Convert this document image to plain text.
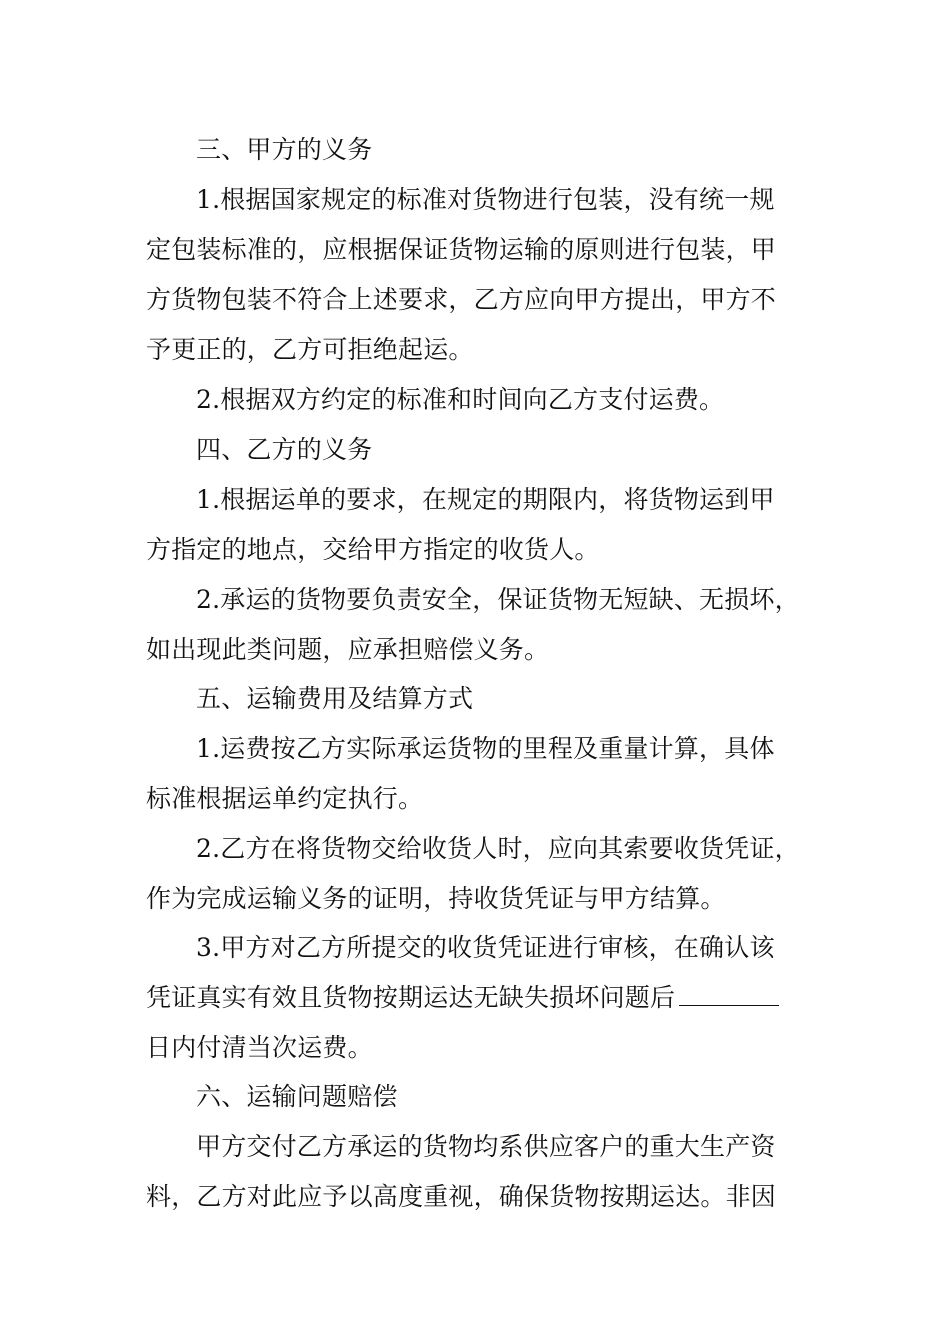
三、甲方的义务
1.根据国家规定的标准对货物进行包装，没有统一规
定包装标准的，应根据保证货物运输的原则进行包装，甲
方货物包装不符合上述要求，乙方应向甲方提出，甲方不
予更正的，乙方可拒绝起运。
2.根据双方约定的标准和时间向乙方支付运费。
四、乙方的义务
1.根据运单的要求，在规定的期限内，将货物运到甲
方指定的地点，交给甲方指定的收货人。
2.承运的货物要负责安全，保证货物无短缺、无损坏，
如出现此类问题，应承担赔偿义务。
五、运输费用及结算方式
1.运费按乙方实际承运货物的里程及重量计算，具体
标准根据运单约定执行。
2.乙方在将货物交给收货人时，应向其索要收货凭证，
作为完成运输义务的证明，持收货凭证与甲方结算。
3.甲方对乙方所提交的收货凭证进行审核，在确认该
凭证真实有效且货物按期运达无缺失损坏问题后
日内付清当次运费。
六、运输问题赔偿
甲方交付乙方承运的货物均系供应客户的重大生产资
料，乙方对此应予以高度重视，确保货物按期运达。非因
